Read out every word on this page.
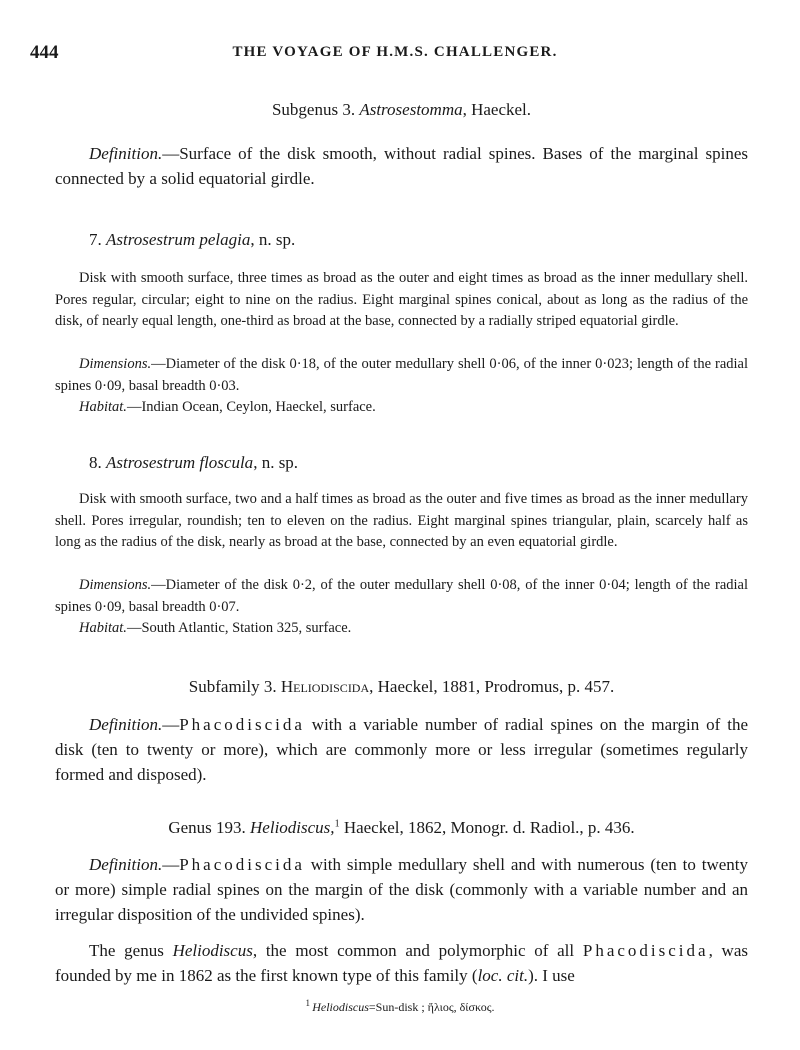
444	THE VOYAGE OF H.M.S. CHALLENGER.
Subgenus 3. Astrosestomma, Haeckel.

Definition.—Surface of the disk smooth, without radial spines. Bases of the marginal spines connected by a solid equatorial girdle.

7. Astrosestrum pelagia, n. sp.

Disk with smooth surface, three times as broad as the outer and eight times as broad as the inner medullary shell. Pores regular, circular; eight to nine on the radius. Eight marginal spines conical, about as long as the radius of the disk, of nearly equal length, one-third as broad at the base, connected by a radially striped equatorial girdle.

Dimensions.—Diameter of the disk 0·18, of the outer medullary shell 0·06, of the inner 0·023; length of the radial spines 0·09, basal breadth 0·03.

Habitat.—Indian Ocean, Ceylon, Haeckel, surface.

8. Astrosestrum floscula, n. sp.

Disk with smooth surface, two and a half times as broad as the outer and five times as broad as the inner medullary shell. Pores irregular, roundish; ten to eleven on the radius. Eight marginal spines triangular, plain, scarcely half as long as the radius of the disk, nearly as broad at the base, connected by an even equatorial girdle.

Dimensions.—Diameter of the disk 0·2, of the outer medullary shell 0·08, of the inner 0·04; length of the radial spines 0·09, basal breadth 0·07.

Habitat.—South Atlantic, Station 325, surface.

Subfamily 3. Heliodiscida, Haeckel, 1881, Prodromus, p. 457.

Definition.—Phacodiscida with a variable number of radial spines on the margin of the disk (ten to twenty or more), which are commonly more or less irregular (sometimes regularly formed and disposed).

Genus 193. Heliodiscus,$^1$ Haeckel, 1862, Monogr. d. Radiol., p. 436.

Definition.—Phacodiscida with simple medullary shell and with numerous (ten to twenty or more) simple radial spines on the margin of the disk (commonly with a variable number and an irregular disposition of the undivided spines).

The genus Heliodiscus, the most common and polymorphic of all Phacodiscida, was founded by me in 1862 as the first known type of this family (loc. cit.). I use

$^1$ Heliodiscus=Sun-disk ; ἥλιος, δίσκος.
